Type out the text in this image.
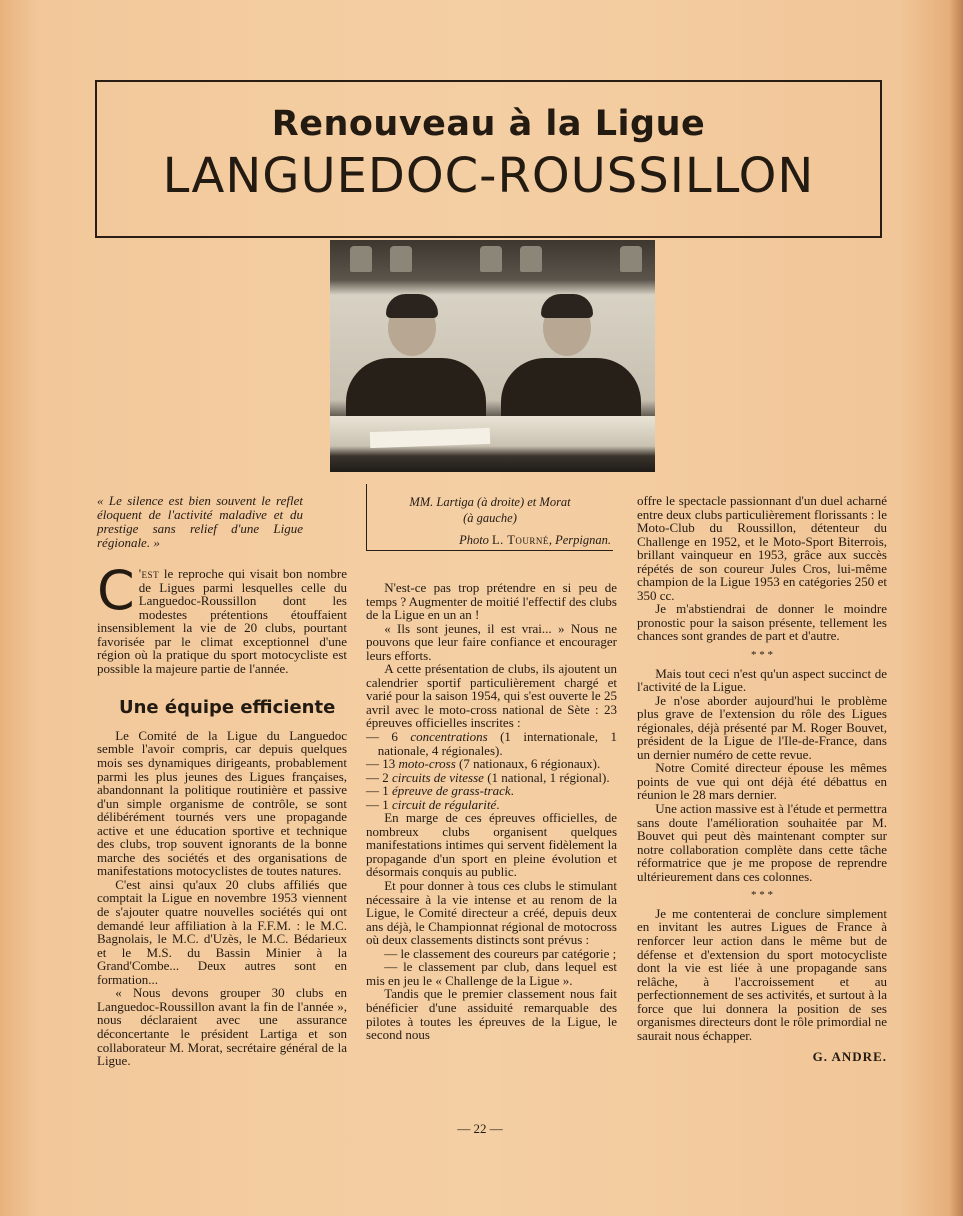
Renouveau à la Ligue
LANGUEDOC-ROUSSILLON
MM. Lartiga (à droite) et Morat
(à gauche)
Photo L. Tourné, Perpignan.
« Le silence est bien souvent le reflet éloquent de l'activité maladive et du prestige sans relief d'une Ligue régionale. »

C 'est le reproche qui visait bon nombre de Ligues parmi lesquelles celle du Languedoc-Roussillon dont les modestes prétentions étouffaient insensiblement la vie de 20 clubs, pourtant favorisée par le climat exceptionnel d'une région où la pratique du sport motocycliste est possible la majeure partie de l'année.

Une équipe efficiente

Le Comité de la Ligue du Languedoc semble l'avoir compris, car depuis quelques mois ses dynamiques dirigeants, probablement parmi les plus jeunes des Ligues françaises, abandonnant la politique routinière et passive d'un simple organisme de contrôle, se sont délibérément tournés vers une propagande active et une éducation sportive et technique des clubs, trop souvent ignorants de la bonne marche des sociétés et des organisations de manifestations motocyclistes de toutes natures.

C'est ainsi qu'aux 20 clubs affiliés que comptait la Ligue en novembre 1953 viennent de s'ajouter quatre nouvelles sociétés qui ont demandé leur affiliation à la F.F.M. : le M.C. Bagnolais, le M.C. d'Uzès, le M.C. Bédarieux et le M.S. du Bassin Minier à la Grand'Combe... Deux autres sont en formation...

« Nous devons grouper 30 clubs en Languedoc-Roussillon avant la fin de l'année », nous déclaraient avec une assurance déconcertante le président Lartiga et son collaborateur M. Morat, secrétaire général de la Ligue.

N'est-ce pas trop prétendre en si peu de temps ? Augmenter de moitié l'effectif des clubs de la Ligue en un an !

« Ils sont jeunes, il est vrai... » Nous ne pouvons que leur faire confiance et encourager leurs efforts.

A cette présentation de clubs, ils ajoutent un calendrier sportif particulièrement chargé et varié pour la saison 1954, qui s'est ouverte le 25 avril avec le moto-cross national de Sète : 23 épreuves officielles inscrites :

— 6 concentrations (1 internationale, 1 nationale, 4 régionales).
— 13 moto-cross (7 nationaux, 6 régionaux).
— 2 circuits de vitesse (1 national, 1 régional).
— 1 épreuve de grass-track.
— 1 circuit de régularité.

En marge de ces épreuves officielles, de nombreux clubs organisent quelques manifestations intimes qui servent fidèlement la propagande d'un sport en pleine évolution et désormais conquis au public.

Et pour donner à tous ces clubs le stimulant nécessaire à la vie intense et au renom de la Ligue, le Comité directeur a créé, depuis deux ans déjà, le Championnat régional de motocross où deux classements distincts sont prévus :

— le classement des coureurs par catégorie ;

— le classement par club, dans lequel est mis en jeu le « Challenge de la Ligue ».

Tandis que le premier classement nous fait bénéficier d'une assiduité remarquable des pilotes à toutes les épreuves de la Ligue, le second nous

offre le spectacle passionnant d'un duel acharné entre deux clubs particulièrement florissants : le Moto-Club du Roussillon, détenteur du Challenge en 1952, et le Moto-Sport Biterrois, brillant vainqueur en 1953, grâce aux succès répétés de son coureur Jules Cros, lui-même champion de la Ligue 1953 en catégories 250 et 350 cc.

Je m'abstiendrai de donner le moindre pronostic pour la saison présente, tellement les chances sont grandes de part et d'autre.

* * *

Mais tout ceci n'est qu'un aspect succinct de l'activité de la Ligue.

Je n'ose aborder aujourd'hui le problème plus grave de l'extension du rôle des Ligues régionales, déjà présenté par M. Roger Bouvet, président de la Ligue de l'Ile-de-France, dans un dernier numéro de cette revue.

Notre Comité directeur épouse les mêmes points de vue qui ont déjà été débattus en réunion le 28 mars dernier.

Une action massive est à l'étude et permettra sans doute l'amélioration souhaitée par M. Bouvet qui peut dès maintenant compter sur notre collaboration complète dans cette tâche réformatrice que je me propose de reprendre ultérieurement dans ces colonnes.

* * *

Je me contenterai de conclure simplement en invitant les autres Ligues de France à renforcer leur action dans le même but de défense et d'extension du sport motocycliste dont la vie est liée à une propagande sans relâche, à l'accroissement et au perfectionnement de ses activités, et surtout à la force que lui donnera la position de ses organismes directeurs dont le rôle primordial ne saurait nous échapper.

G. ANDRE.

— 22 —
